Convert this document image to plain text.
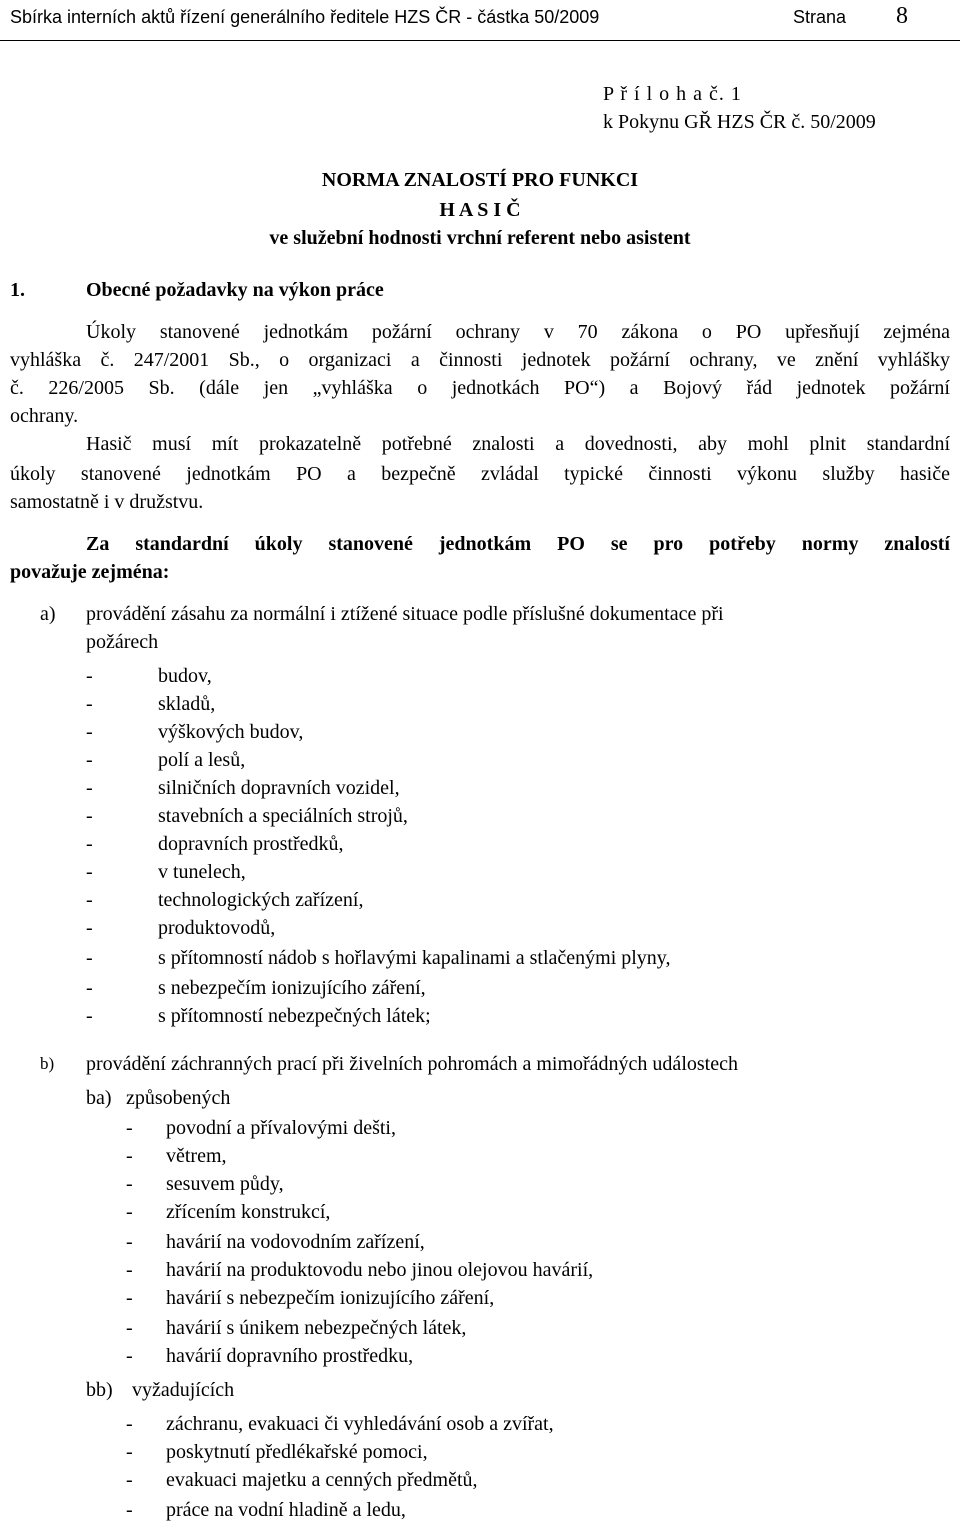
Sbírka interních aktů řízení generálního ředitele HZS ČR - částka 50/2009	Strana 8
P ř í l o h a č. 1
k Pokynu GŘ HZS ČR č. 50/2009
NORMA ZNALOSTÍ PRO FUNKCI
H A S I Č
ve služební hodnosti vrchní referent nebo asistent
1.	Obecné požadavky na výkon práce
Úkoly stanovené jednotkám požární ochrany v 70 zákona o PO upřesňují zejména
vyhláška č. 247/2001 Sb., o organizaci a činnosti jednotek požární ochrany, ve znění vyhlášky
č. 226/2005 Sb. (dále jen „vyhláška o jednotkách PO“) a Bojový řád jednotek požární
ochrany.
Hasič musí mít prokazatelně potřebné znalosti a dovednosti, aby mohl plnit standardní
úkoly stanovené jednotkám PO a bezpečně zvládal typické činnosti výkonu služby hasiče
samostatně i v družstvu.
Za standardní úkoly stanovené jednotkám PO se pro potřeby normy znalostí
považuje zejména:
a) provádění zásahu za normální i ztížené situace podle příslušné dokumentace při
požárech
-	budov,
-	skladů,
-	výškových budov,
-	polí a lesů,
-	silničních dopravních vozidel,
-	stavebních a speciálních strojů,
-	dopravních prostředků,
-	v tunelech,
-	technologických zařízení,
-	produktovodů,
-	s přítomností nádob s hořlavými kapalinami a stlačenými plyny,
-	s nebezpečím ionizujícího záření,
-	s přítomností nebezpečných látek;
b) provádění záchranných prací při živelních pohromách a mimořádných událostech
ba) způsobených
- povodní a přívalovými dešti,
- větrem,
- sesuvem půdy,
- zřícením konstrukcí,
- havárií na vodovodním zařízení,
- havárií na produktovodu nebo jinou olejovou havárií,
- havárií s nebezpečím ionizujícího záření,
- havárií s únikem nebezpečných látek,
- havárií dopravního prostředku,
bb) vyžadujících
- záchranu, evakuaci či vyhledávání osob a zvířat,
- poskytnutí předlékařské pomoci,
- evakuaci majetku a cenných předmětů,
- práce na vodní hladině a ledu,
